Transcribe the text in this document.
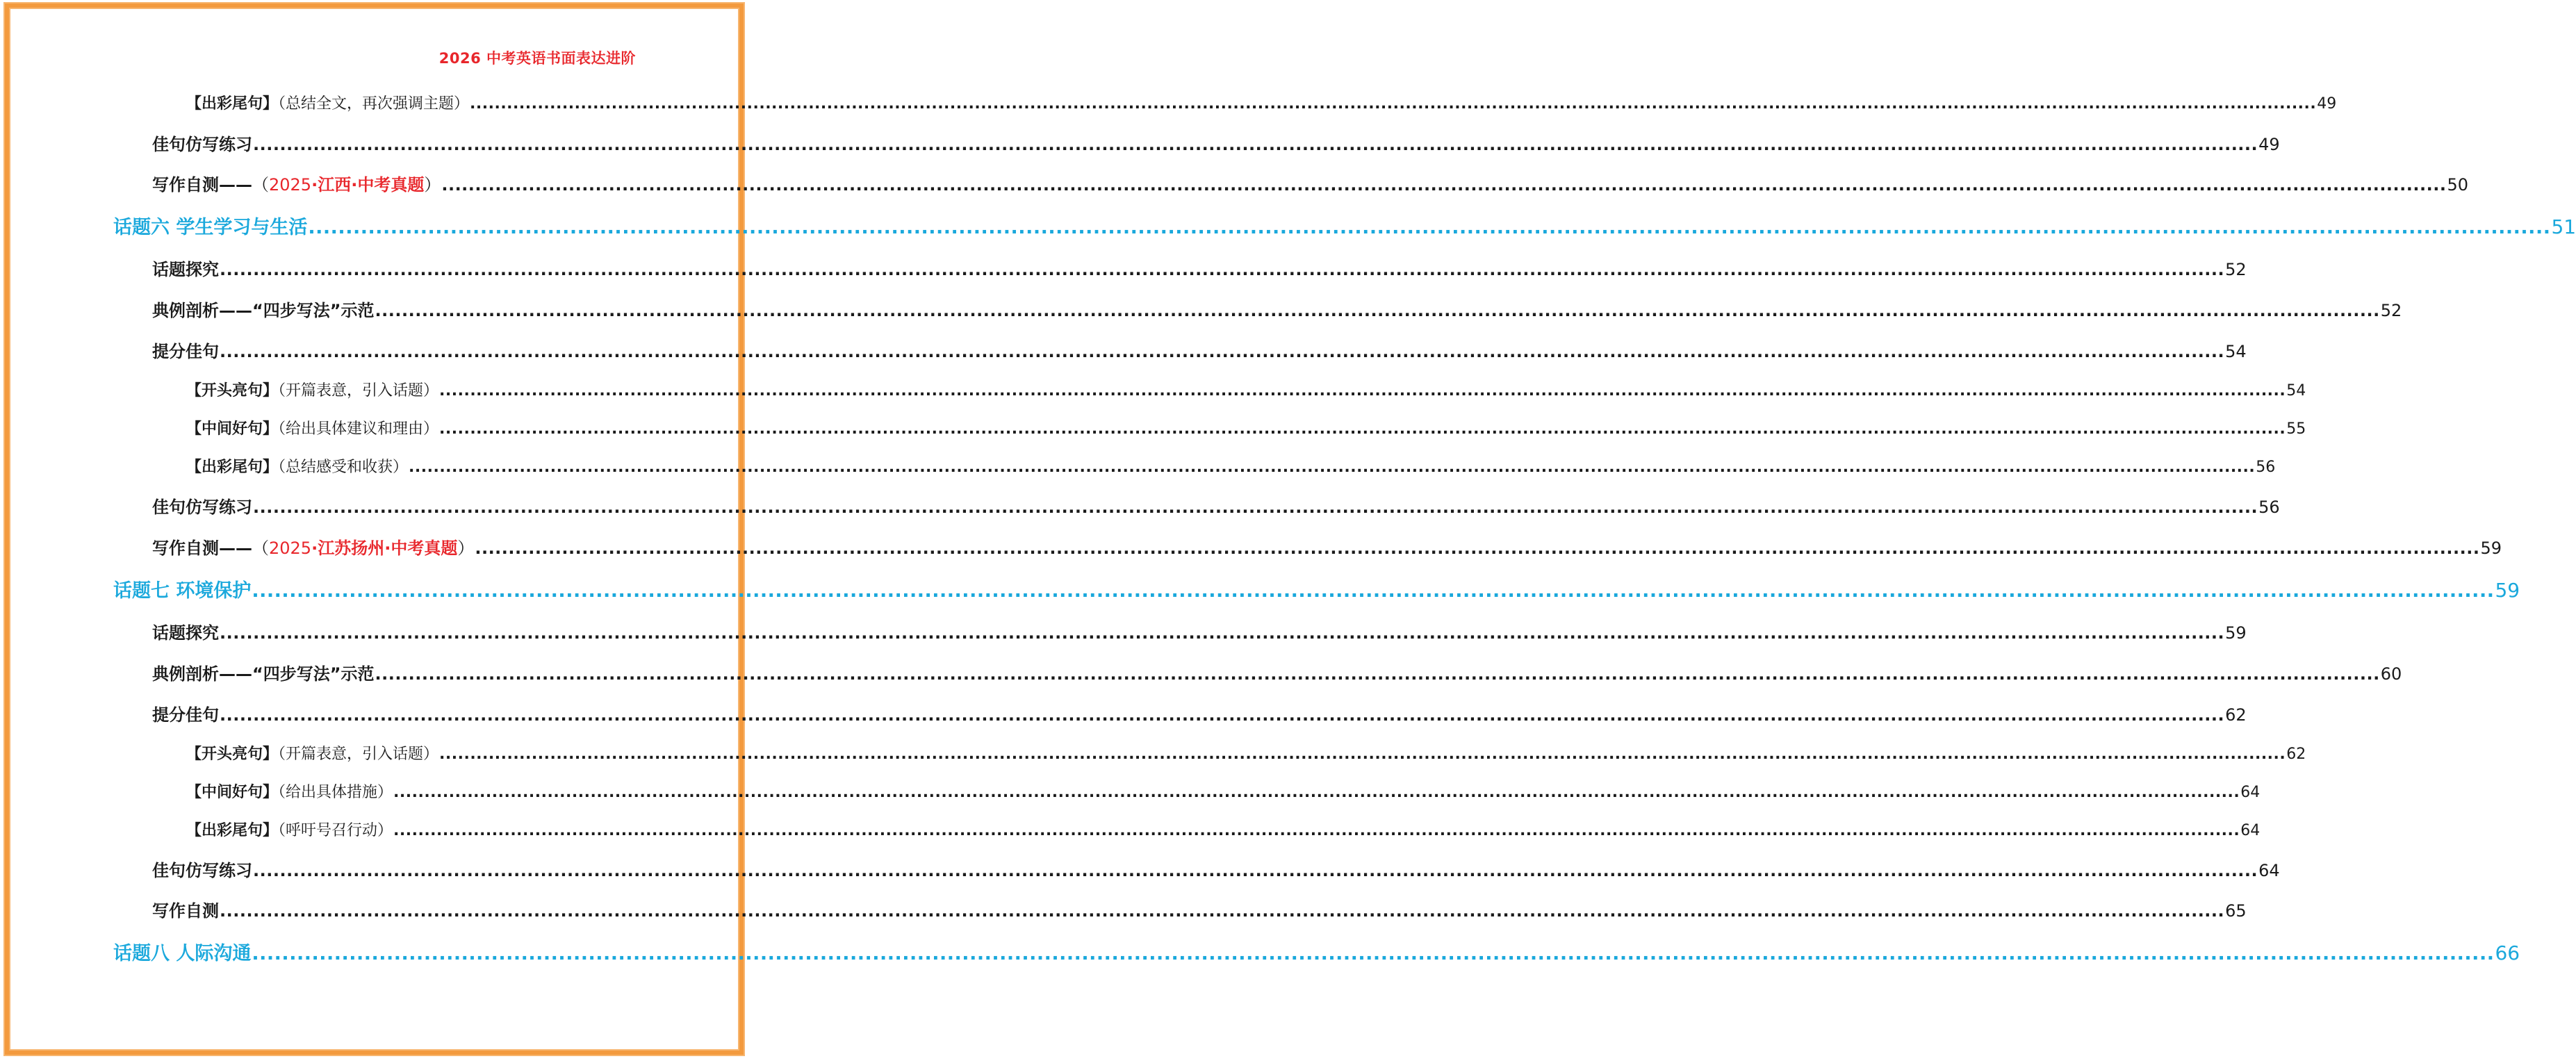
2026 中考英语书面表达进阶
【出彩尾句】（总结全文，再次强调主题） ............................................................................................................................................................................................................................................................................................................ 49
佳句仿写练习 ............................................................................................................................................................................................................................................................................................................ 49
写作自测——（2025·江西·中考真题） ............................................................................................................................................................................................................................................................................................................ 50
话题六 学生学习与生活 ............................................................................................................................................................................................................................................................................................................ 51
话题探究 ............................................................................................................................................................................................................................................................................................................ 52
典例剖析——“四步写法”示范 ............................................................................................................................................................................................................................................................................................................ 52
提分佳句 ............................................................................................................................................................................................................................................................................................................ 54
【开头亮句】（开篇表意，引入话题） ............................................................................................................................................................................................................................................................................................................ 54
【中间好句】（给出具体建议和理由） ............................................................................................................................................................................................................................................................................................................ 55
【出彩尾句】（总结感受和收获） ............................................................................................................................................................................................................................................................................................................ 56
佳句仿写练习 ............................................................................................................................................................................................................................................................................................................ 56
写作自测——（2025·江苏扬州·中考真题） ............................................................................................................................................................................................................................................................................................................ 59
话题七 环境保护 ............................................................................................................................................................................................................................................................................................................ 59
话题探究 ............................................................................................................................................................................................................................................................................................................ 59
典例剖析——“四步写法”示范 ............................................................................................................................................................................................................................................................................................................ 60
提分佳句 ............................................................................................................................................................................................................................................................................................................ 62
【开头亮句】（开篇表意，引入话题） ............................................................................................................................................................................................................................................................................................................ 62
【中间好句】（给出具体措施） ............................................................................................................................................................................................................................................................................................................ 64
【出彩尾句】（呼吁号召行动） ............................................................................................................................................................................................................................................................................................................ 64
佳句仿写练习 ............................................................................................................................................................................................................................................................................................................ 64
写作自测 ............................................................................................................................................................................................................................................................................................................ 65
话题八 人际沟通 ............................................................................................................................................................................................................................................................................................................ 66
